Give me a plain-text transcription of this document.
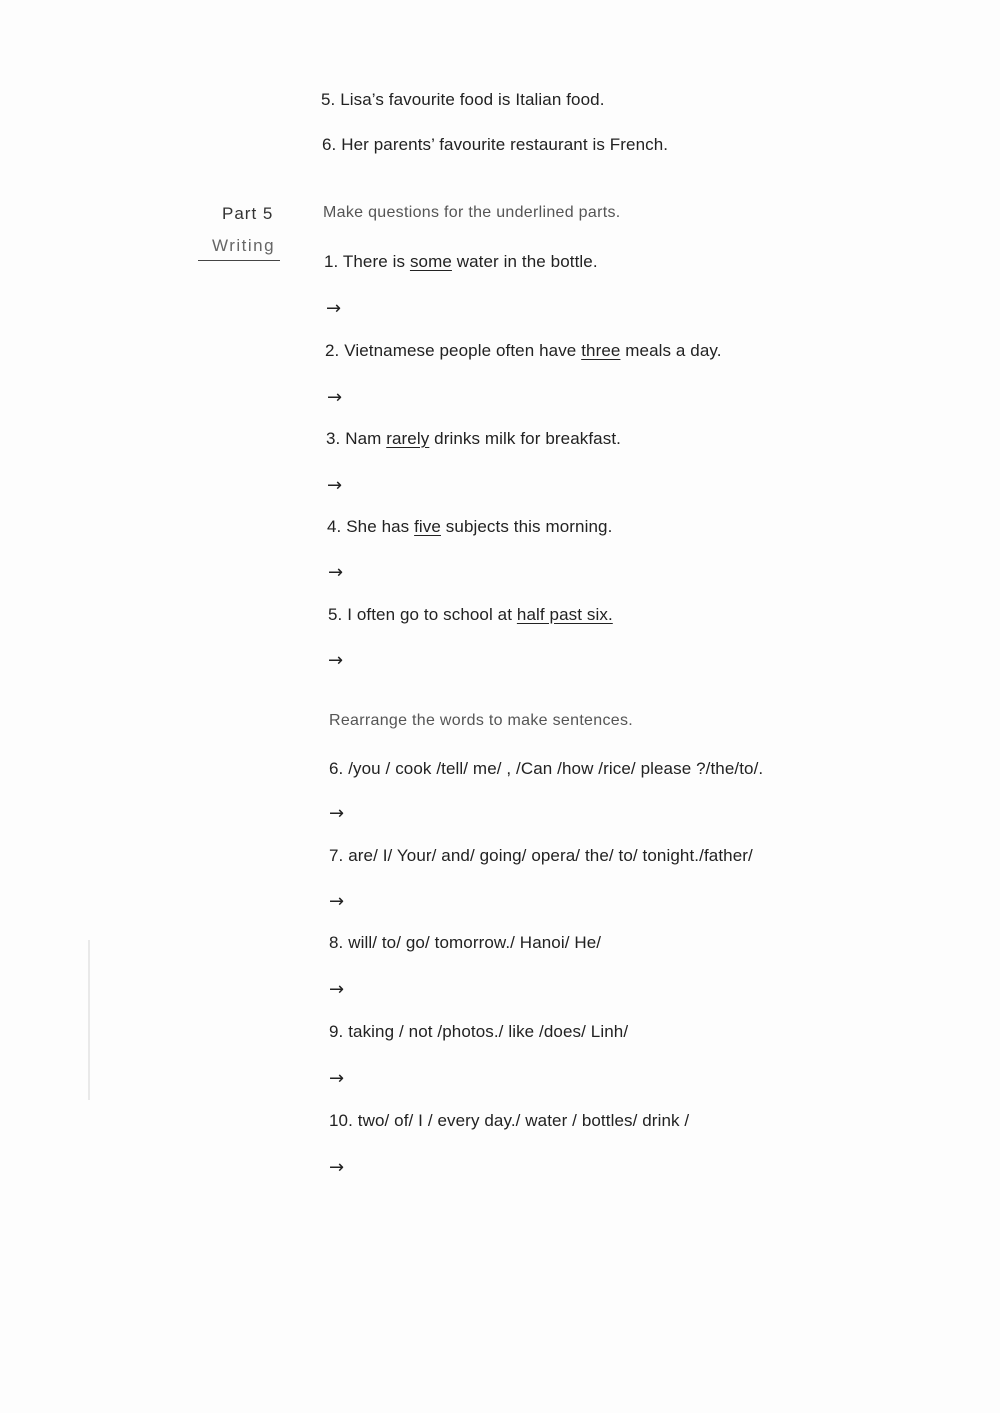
5. Lisa’s favourite food is Italian food.
6. Her parents’ favourite restaurant is French.
Part 5
Writing
Make questions for the underlined parts.
1. There is some water in the bottle.
→
2. Vietnamese people often have three meals a day.
→
3. Nam rarely drinks milk for breakfast.
→
4. She has five subjects this morning.
→
5. I often go to school at half past six.
→
Rearrange the words to make sentences.
6. /you / cook /tell/ me/ , /Can /how /rice/ please ?/the/to/.
→
7. are/ I/ Your/ and/ going/ opera/ the/ to/ tonight./father/
→
8. will/ to/ go/ tomorrow./ Hanoi/ He/
→
9. taking / not /photos./ like /does/ Linh/
→
10. two/ of/ I / every day./ water / bottles/ drink /
→
